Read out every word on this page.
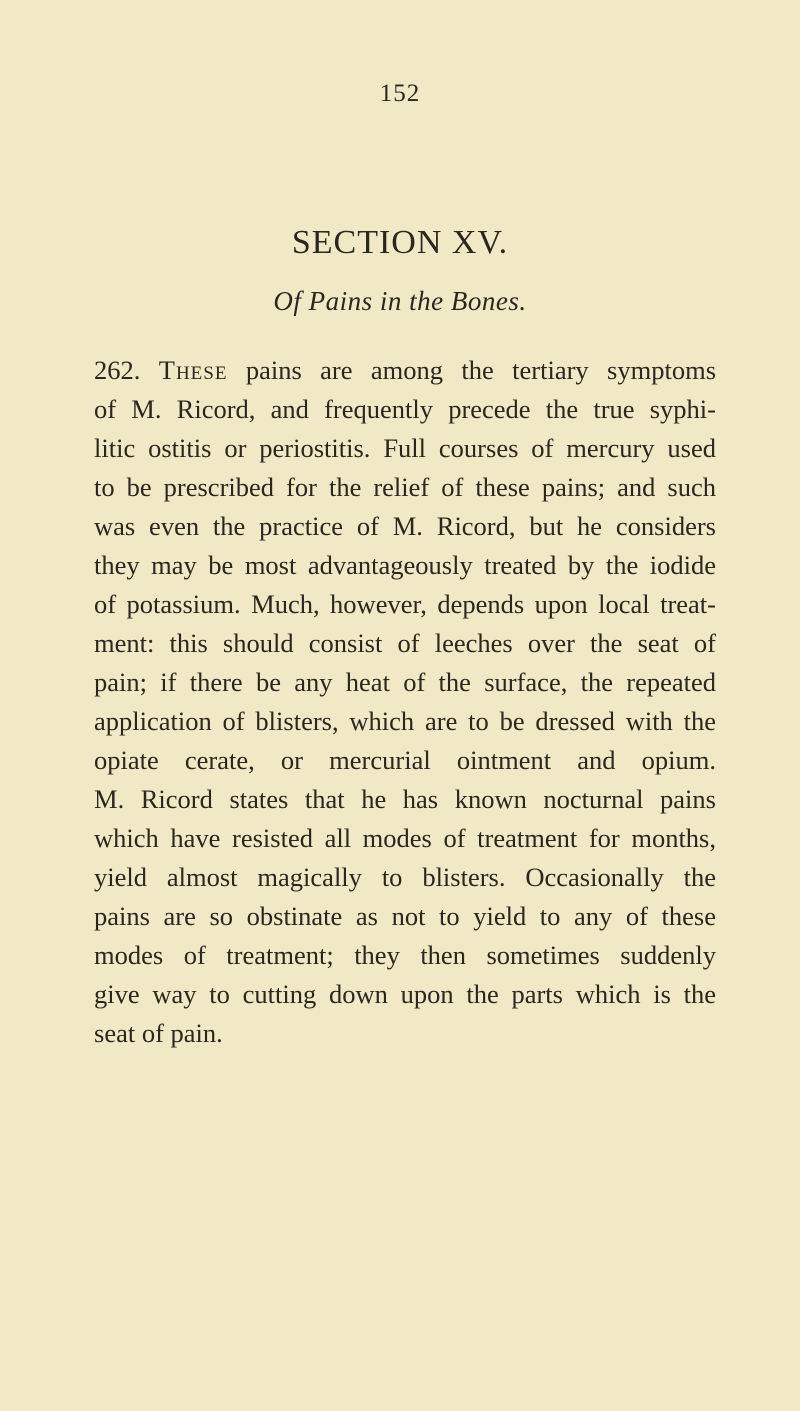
152
SECTION XV.
Of Pains in the Bones.
262. These pains are among the tertiary symptoms
of M. Ricord, and frequently precede the true syphi-
litic ostitis or periostitis. Full courses of mercury used
to be prescribed for the relief of these pains; and such
was even the practice of M. Ricord, but he considers
they may be most advantageously treated by the iodide
of potassium. Much, however, depends upon local treat-
ment: this should consist of leeches over the seat of
pain; if there be any heat of the surface, the repeated
application of blisters, which are to be dressed with the
opiate cerate, or mercurial ointment and opium.
M. Ricord states that he has known nocturnal pains
which have resisted all modes of treatment for months,
yield almost magically to blisters. Occasionally the
pains are so obstinate as not to yield to any of these
modes of treatment; they then sometimes suddenly
give way to cutting down upon the parts which is the
seat of pain.
